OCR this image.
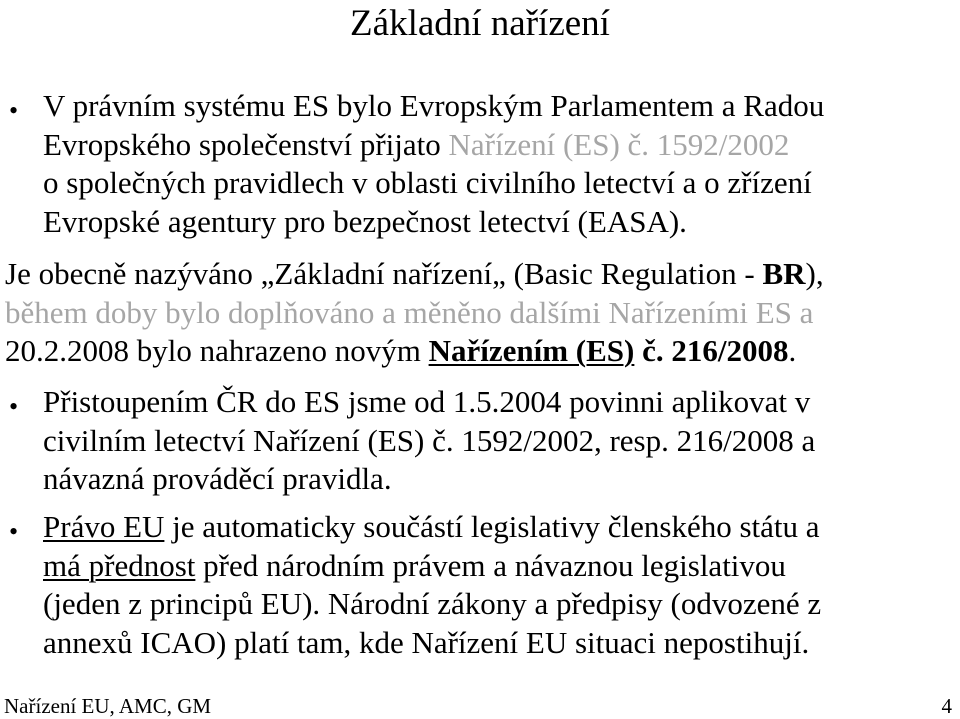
Základní nařízení
• V právním systému ES bylo Evropským Parlamentem a Radou
Evropského společenství přijato Nařízení (ES) č. 1592/2002
o společných pravidlech v oblasti civilního letectví a o zřízení
Evropské agentury pro bezpečnost letectví (EASA).
Je obecně nazýváno „Základní nařízení„ (Basic Regulation - BR),
během doby bylo doplňováno a měněno dalšími Nařízeními ES a
20.2.2008 bylo nahrazeno novým Nařízením (ES) č. 216/2008.
• Přistoupením ČR do ES jsme od 1.5.2004 povinni aplikovat v
civilním letectví Nařízení (ES) č. 1592/2002, resp. 216/2008 a
návazná prováděcí pravidla.
• Právo EU je automaticky součástí legislativy členského státu a
má přednost před národním právem a návaznou legislativou
(jeden z principů EU). Národní zákony a předpisy (odvozené z
annexů ICAO) platí tam, kde Nařízení EU situaci nepostihují.
Nařízení EU, AMC, GM	4
